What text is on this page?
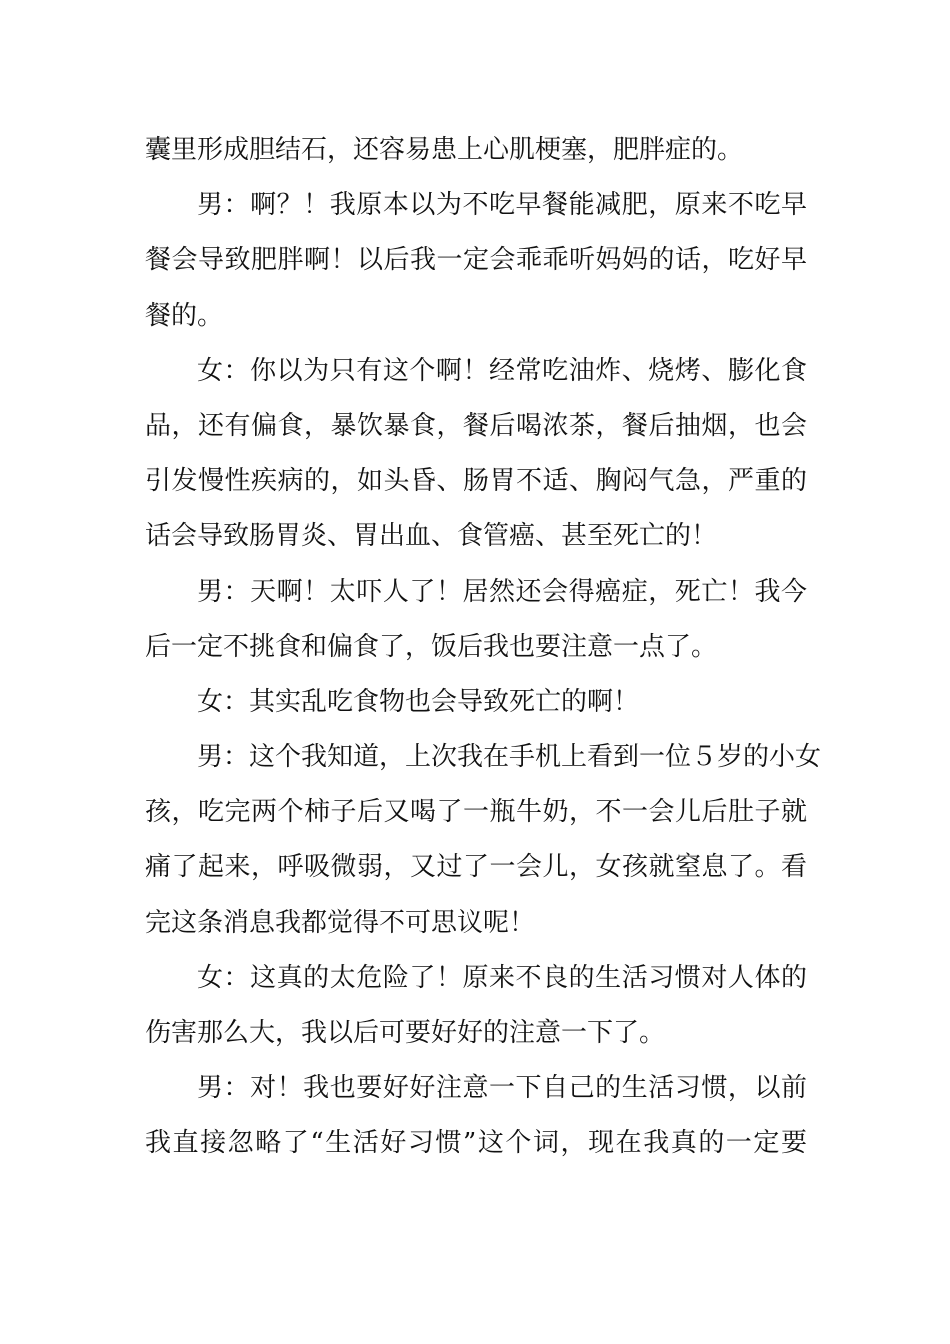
囊里形成胆结石，还容易患上心肌梗塞，肥胖症的。
男：啊？！我原本以为不吃早餐能减肥，原来不吃早
餐会导致肥胖啊！以后我一定会乖乖听妈妈的话，吃好早
餐的。
女：你以为只有这个啊！经常吃油炸、烧烤、膨化食
品，还有偏食，暴饮暴食，餐后喝浓茶，餐后抽烟，也会
引发慢性疾病的，如头昏、肠胃不适、胸闷气急，严重的
话会导致肠胃炎、胃出血、食管癌、甚至死亡的！
男：天啊！太吓人了！居然还会得癌症，死亡！我今
后一定不挑食和偏食了，饭后我也要注意一点了。
女：其实乱吃食物也会导致死亡的啊！
男：这个我知道，上次我在手机上看到一位５岁的小女
孩，吃完两个柿子后又喝了一瓶牛奶，不一会儿后肚子就
痛了起来，呼吸微弱，又过了一会儿，女孩就窒息了。看
完这条消息我都觉得不可思议呢！
女：这真的太危险了！原来不良的生活习惯对人体的
伤害那么大，我以后可要好好的注意一下了。
男：对！我也要好好注意一下自己的生活习惯，以前
我直接忽略了“生活好习惯”这个词，现在我真的一定要
